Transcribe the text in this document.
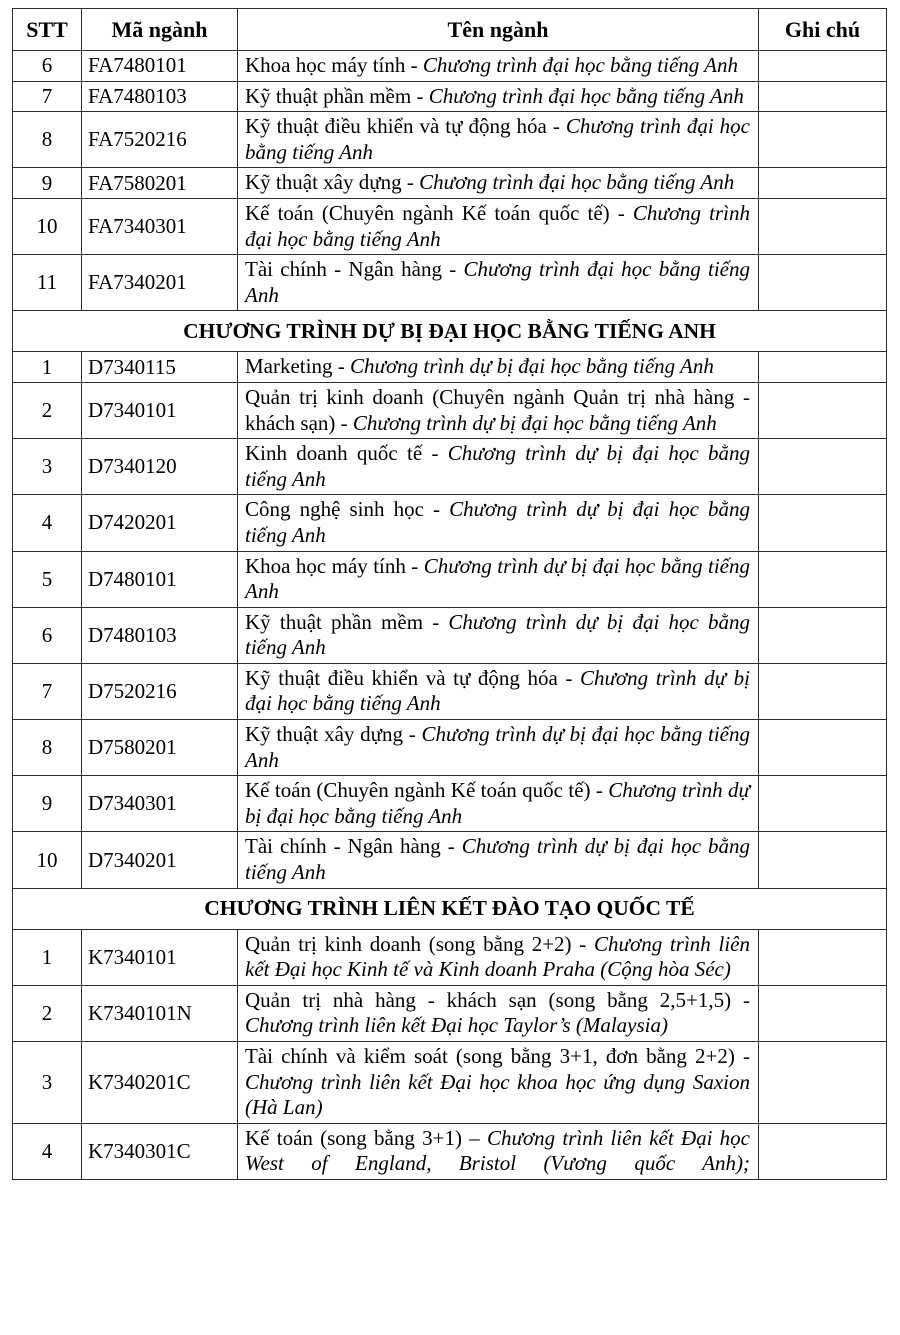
STT	Mã ngành	Tên ngành	Ghi chú
6	FA7480101	Khoa học máy tính - Chương trình đại học bằng tiếng Anh	
7	FA7480103	Kỹ thuật phần mềm - Chương trình đại học bằng tiếng Anh	
8	FA7520216	Kỹ thuật điều khiển và tự động hóa - Chương trình đại học bằng tiếng Anh	
9	FA7580201	Kỹ thuật xây dựng - Chương trình đại học bằng tiếng Anh	
10	FA7340301	Kế toán (Chuyên ngành Kế toán quốc tế) - Chương trình đại học bằng tiếng Anh	
11	FA7340201	Tài chính - Ngân hàng - Chương trình đại học bằng tiếng Anh	
CHƯƠNG TRÌNH DỰ BỊ ĐẠI HỌC BẰNG TIẾNG ANH			
1	D7340115	Marketing - Chương trình dự bị đại học bằng tiếng Anh	
2	D7340101	Quản trị kinh doanh (Chuyên ngành Quản trị nhà hàng - khách sạn) - Chương trình dự bị đại học bằng tiếng Anh	
3	D7340120	Kinh doanh quốc tế - Chương trình dự bị đại học bằng tiếng Anh	
4	D7420201	Công nghệ sinh học - Chương trình dự bị đại học bằng tiếng Anh	
5	D7480101	Khoa học máy tính - Chương trình dự bị đại học bằng tiếng Anh	
6	D7480103	Kỹ thuật phần mềm - Chương trình dự bị đại học bằng tiếng Anh	
7	D7520216	Kỹ thuật điều khiển và tự động hóa - Chương trình dự bị đại học bằng tiếng Anh	
8	D7580201	Kỹ thuật xây dựng - Chương trình dự bị đại học bằng tiếng Anh	
9	D7340301	Kế toán (Chuyên ngành Kế toán quốc tế) - Chương trình dự bị đại học bằng tiếng Anh	
10	D7340201	Tài chính - Ngân hàng - Chương trình dự bị đại học bằng tiếng Anh	
CHƯƠNG TRÌNH LIÊN KẾT ĐÀO TẠO QUỐC TẾ			
1	K7340101	Quản trị kinh doanh (song bằng 2+2) - Chương trình liên kết Đại học Kinh tế và Kinh doanh Praha (Cộng hòa Séc)	
2	K7340101N	Quản trị nhà hàng - khách sạn (song bằng 2,5+1,5) - Chương trình liên kết Đại học Taylor’s (Malaysia)	
3	K7340201C	Tài chính và kiểm soát (song bằng 3+1, đơn bằng 2+2) - Chương trình liên kết Đại học khoa học ứng dụng Saxion (Hà Lan)	
4	K7340301C	Kế toán (song bằng 3+1) – Chương trình liên kết Đại học West of England, Bristol (Vương quốc Anh);	
